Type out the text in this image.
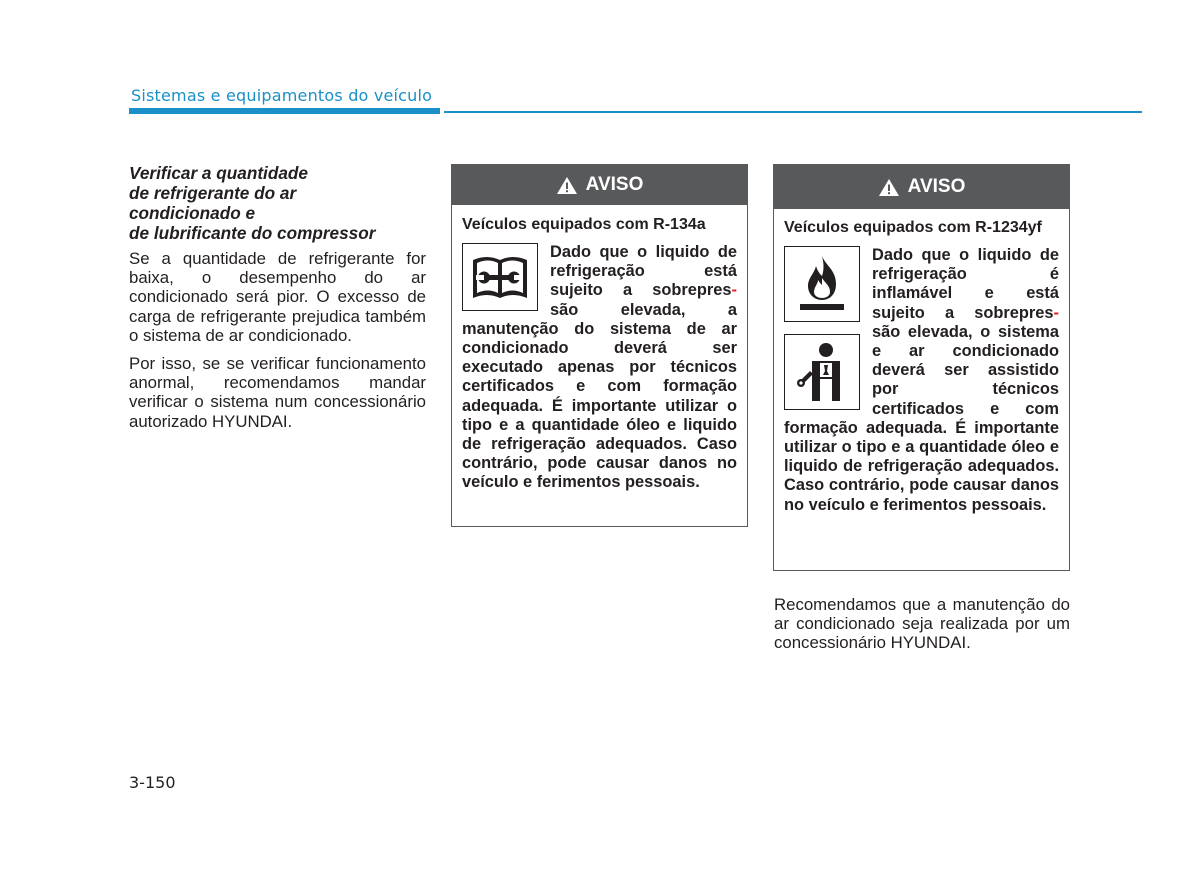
Sistemas e equipamentos do veículo
Verificar a quantidade
de refrigerante do ar
condicionado e
de lubrificante do compressor

Se a quantidade de refrigerante for baixa, o desempenho do ar condicionado será pior. O excesso de carga de refrigerante prejudica também o sistema de ar condicionado.

Por isso, se se verificar funcionamento anormal, recomendamos mandar verificar o sistema num concessionário autorizado HYUNDAI.

AVISO
Veículos equipados com R-134a
Dado que o liquido de refrigeração está sujeito a sobrepres- são elevada, a manutenção do sistema de ar condicionado deverá ser executado apenas por técnicos certificados e com formação adequada. É importante utilizar o tipo e a quantidade óleo e liquido de refrigeração adequados. Caso contrário, pode causar danos no veículo e ferimentos pessoais.
AVISO
Veículos equipados com R-1234yf
Dado que o liquido de refrigeração é inflamável e está sujeito a sobrepres- são elevada, o sistema e ar condicionado deverá ser assistido por técnicos certificados e com formação adequada. É importante utilizar o tipo e a quantidade óleo e liquido de refrigeração adequados. Caso contrário, pode causar danos no veículo e ferimentos pessoais.

Recomendamos que a manutenção do ar condicionado seja realizada por um concessionário HYUNDAI.

3-150
